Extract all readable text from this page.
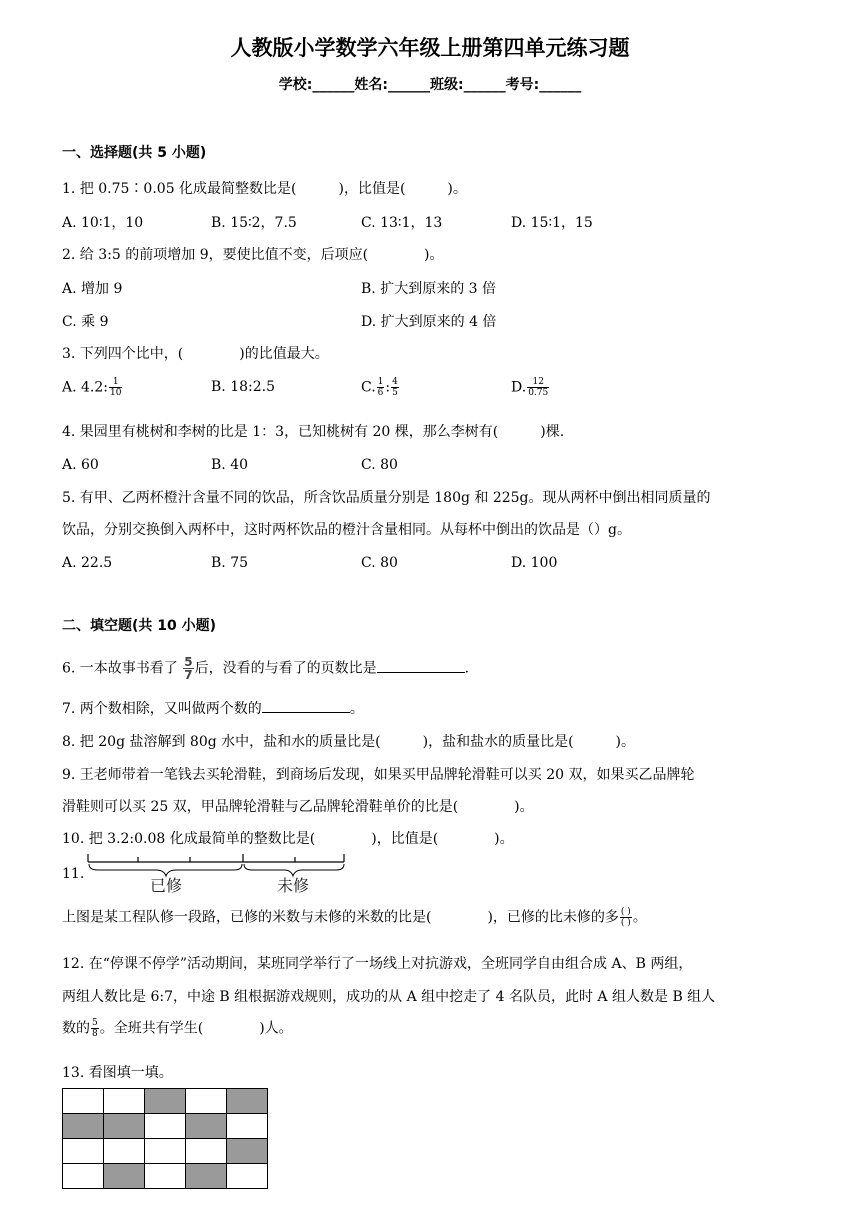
人教版小学数学六年级上册第四单元练习题
学校:______姓名:______班级:______考号:______
一、选择题(共 5 小题)
1. 把 0.75∶0.05 化成最简整数比是(　　　)，比值是(　　　)。
A. 10∶1，10	B. 15∶2，7.5	C. 13∶1，13	D. 15∶1，15
2. 给 3:5 的前项增加 9，要使比值不变，后项应(　　　　)。
A. 增加 9	B. 扩大到原来的 3 倍
C. 乘 9	D. 扩大到原来的 4 倍
3. 下列四个比中，(　　　　)的比值最大。
A. 4.2: $\frac{1}{10}$	B. 18:2.5	C. $\frac{1}{6}$ : $\frac{4}{5}$	D. $\frac{12}{0.75}$
4. 果园里有桃树和李树的比是 1：3，已知桃树有 20 棵，那么李树有(　　　)棵.
A. 60	B. 40	C. 80
5. 有甲、乙两杯橙汁含量不同的饮品，所含饮品质量分别是 180g 和 225g。现从两杯中倒出相同质量的
饮品，分别交换倒入两杯中，这时两杯饮品的橙汁含量相同。从每杯中倒出的饮品是（）g。
A. 22.5	B. 75	C. 80	D. 100
二、填空题(共 10 小题)
6. 一本故事书看了 $\frac{5}{7}$ 后，没看的与看了的页数比是	.
7. 两个数相除，又叫做两个数的	。
8. 把 20g 盐溶解到 80g 水中，盐和水的质量比是(　　　)，盐和盐水的质量比是(　　　)。
9. 王老师带着一笔钱去买轮滑鞋，到商场后发现，如果买甲品牌轮滑鞋可以买 20 双，如果买乙品牌轮
滑鞋则可以买 25 双，甲品牌轮滑鞋与乙品牌轮滑鞋单价的比是(　　　　)。
10. 把 3.2:0.08 化成最简单的整数比是(　　　　)，比值是(　　　　)。
11.
已修	未修
上图是某工程队修一段路，已修的米数与未修的米数的比是(　　　　)，已修的比未修的多 $\frac{( )}{( )}$ 。
12. 在“停课不停学”活动期间，某班同学举行了一场线上对抗游戏，全班同学自由组合成 A、B 两组，
两组人数比是 6:7，中途 B 组根据游戏规则，成功的从 A 组中挖走了 4 名队员，此时 A 组人数是 B 组人
数的 $\frac{5}{8}$ 。全班共有学生(　　　　)人。
13. 看图填一填。
